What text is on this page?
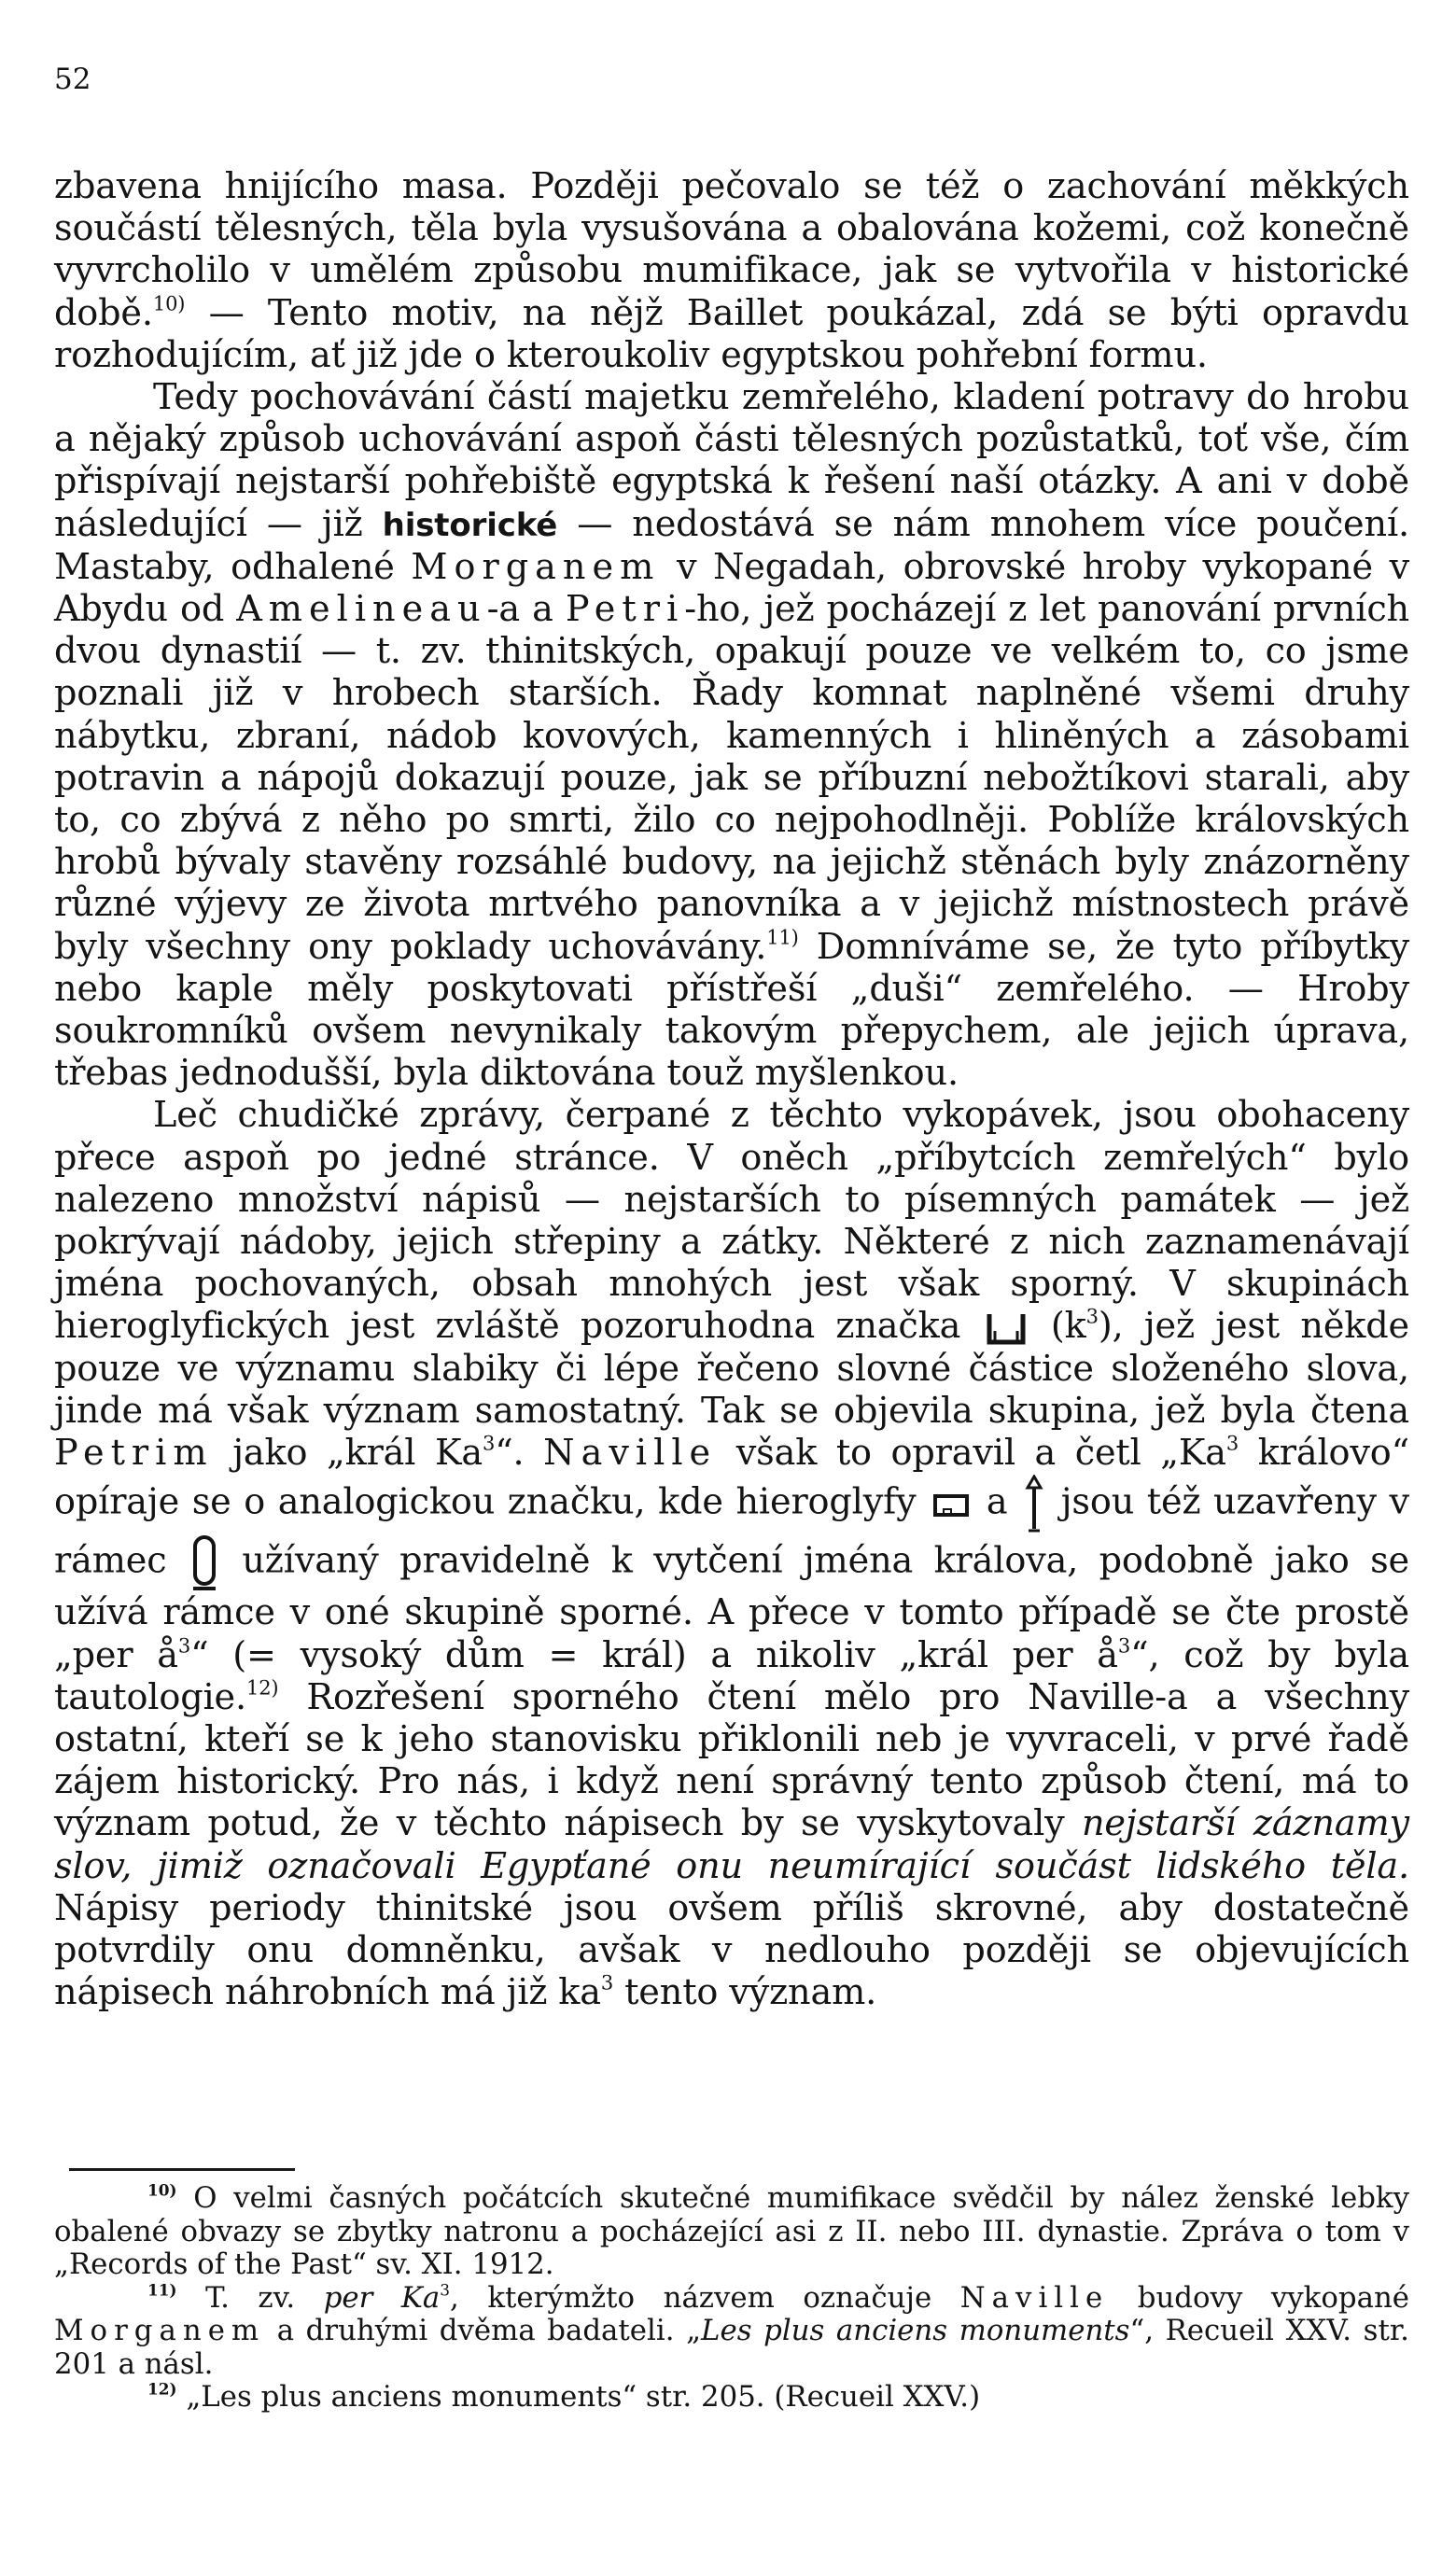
52

zbavena hnijícího masa. Později pečovalo se též o zachování měkkých součástí tělesných, těla byla vysušována a obalována kožemi, což konečně vyvrcholilo v umělém způsobu mumifikace, jak se vytvořila v historické době.$^{10)}$ — Tento motiv, na nějž Baillet poukázal, zdá se býti opravdu rozhodujícím, ať již jde o kteroukoliv egyptskou pohřební formu.

Tedy pochovávání částí majetku zemřelého, kladení potravy do hrobu a nějaký způsob uchovávání aspoň části tělesných pozůstatků, toť vše, čím přispívají nejstarší pohřebiště egyptská k řešení naší otázky. A ani v době následující — již historické — nedostává se nám mnohem více poučení. Mastaby, odhalené Morganem v Negadah, obrovské hroby vykopané v Abydu od Amelineau-a a Petri-ho, jež pocházejí z let panování prvních dvou dynastií — t. zv. thinitských, opakují pouze ve velkém to, co jsme poznali již v hrobech starších. Řady komnat naplněné všemi druhy nábytku, zbraní, nádob kovových, kamenných i hliněných a zásobami potravin a nápojů dokazují pouze, jak se příbuzní nebožtíkovi starali, aby to, co zbývá z něho po smrti, žilo co nejpohodlněji. Poblíže královských hrobů bývaly stavěny rozsáhlé budovy, na jejichž stěnách byly znázorněny různé výjevy ze života mrtvého panovníka a v jejichž místnostech právě byly všechny ony poklady uchovávány.$^{11)}$ Domníváme se, že tyto příbytky nebo kaple měly poskytovati přístřeší „duši“ zemřelého. — Hroby soukromníků ovšem nevynikaly takovým přepychem, ale jejich úprava, třebas jednodušší, byla diktována touž myšlenkou.

Leč chudičké zprávy, čerpané z těchto vykopávek, jsou obohaceny přece aspoň po jedné stránce. V oněch „příbytcích zemřelých“ bylo nalezeno množství nápisů — nejstarších to písemných památek — jež pokrývají nádoby, jejich střepiny a zátky. Některé z nich zaznamenávají jména pochovaných, obsah mnohých jest však sporný. V skupinách hieroglyfických jest zvláště pozoruhodna značka
$(k^3)$, jež jest někde pouze ve významu slabiky či lépe řečeno slovné částice složeného slova, jinde má však význam samostatný. Tak se objevila skupina, jež byla čtena Petrim jako „král Ka$^3$“. Naville však to opravil a četl „Ka$^3$ královo“ opíraje se o analogickou značku, kde hieroglyfy
a
jsou též uzavřeny v rámec
užívaný pravidelně k vytčení jména králova, podobně jako se užívá rámce v oné skupině sporné. A přece v tomto případě se čte prostě „per $å^3“$ (= vysoký dům = král) a nikoliv „král per $å^3“$, což by byla tautologie.$^{12)}$ Rozřešení sporného čtení mělo pro Naville-a a všechny ostatní, kteří se k jeho stanovisku přiklonili neb je vyvraceli, v prvé řadě zájem historický. Pro nás, i když není správný tento způsob čtení, má to význam potud, že v těchto nápisech by se vyskytovaly nejstarší záznamy slov, jimiž označovali Egypťané onu neumírající součást lidského těla. Nápisy periody thinitské jsou ovšem příliš skrovné, aby dostatečně potvrdily onu domněnku, avšak v nedlouho později se objevujících nápisech náhrobních má již $ka^3$ tento význam.

$^{10)}$ O velmi časných počátcích skutečné mumifikace svědčil by nález ženské lebky obalené obvazy se zbytky natronu a pocházející asi z II. nebo III. dynastie. Zpráva o tom v „Records of the Past“ sv. XI. 1912.

$^{11)}$ T. zv. per Ka$^3$, kterýmžto názvem označuje Naville budovy vykopané Morganem a druhými dvěma badateli. „Les plus anciens monuments“, Recueil XXV. str. 201 a násl.

$^{12)}$ „Les plus anciens monuments“ str. 205. (Recueil XXV.)
